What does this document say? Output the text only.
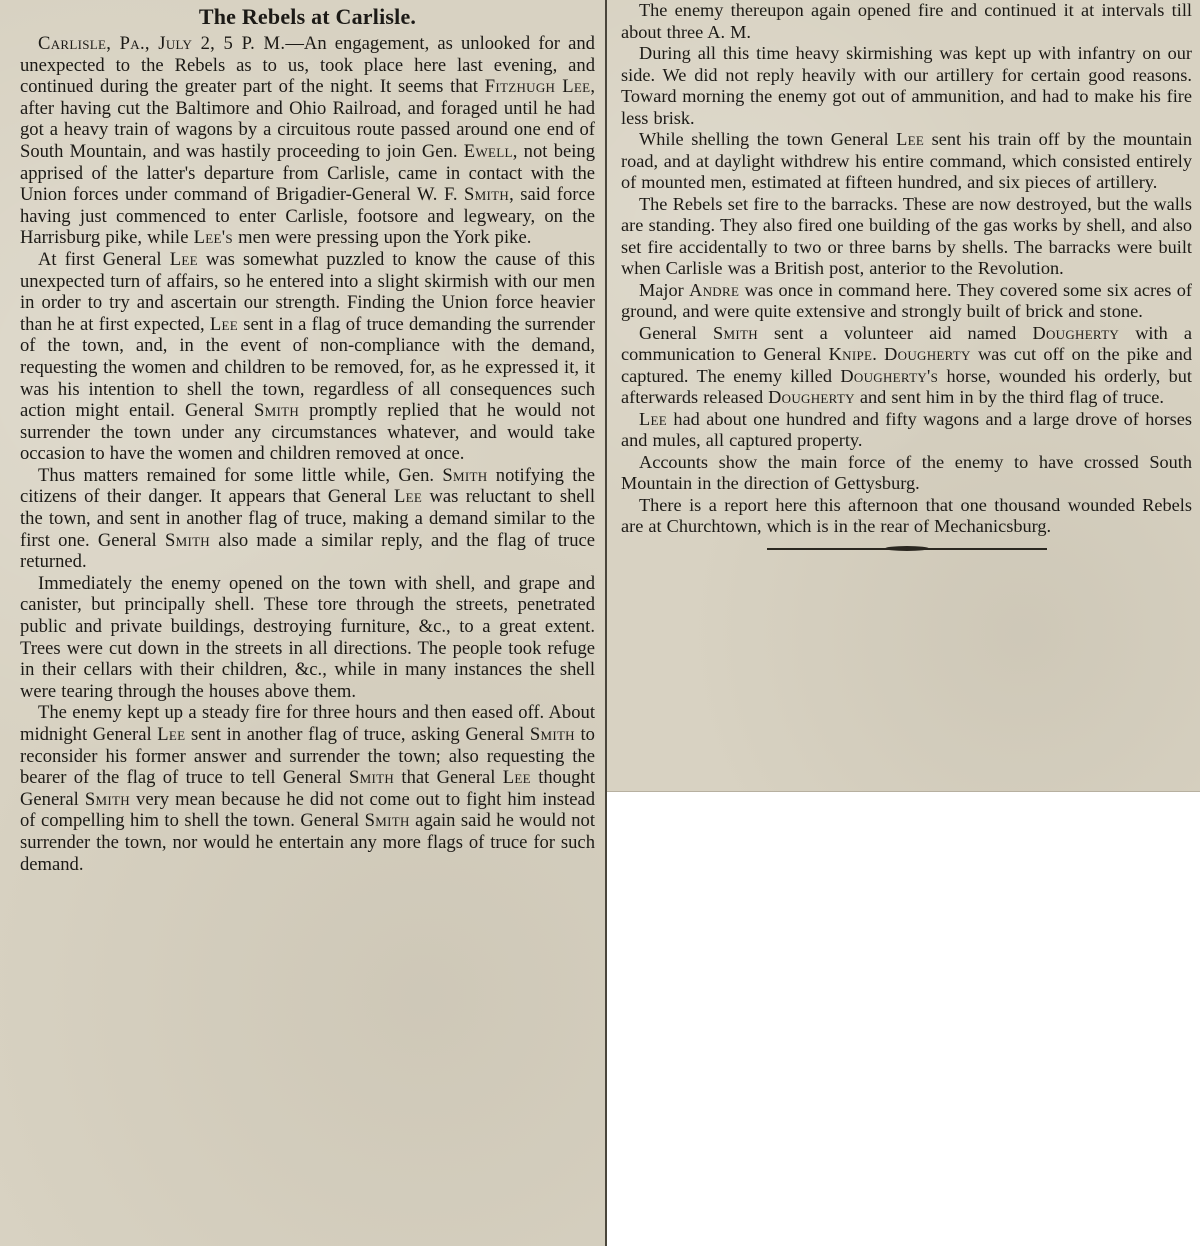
The Rebels at Carlisle.

Carlisle, Pa., July 2, 5 P. M.—An engagement, as unlooked for and unexpected to the Rebels as to us, took place here last evening, and continued during the greater part of the night. It seems that Fitzhugh Lee, after having cut the Baltimore and Ohio Railroad, and foraged until he had got a heavy train of wagons by a circuitous route passed around one end of South Mountain, and was hastily proceeding to join Gen. Ewell, not being apprised of the latter's departure from Carlisle, came in contact with the Union forces under command of Brigadier-General W. F. Smith, said force having just commenced to enter Carlisle, footsore and legweary, on the Harrisburg pike, while Lee's men were pressing upon the York pike.

At first General Lee was somewhat puzzled to know the cause of this unexpected turn of affairs, so he entered into a slight skirmish with our men in order to try and ascertain our strength. Finding the Union force heavier than he at first expected, Lee sent in a flag of truce demanding the surrender of the town, and, in the event of non-compliance with the demand, requesting the women and children to be removed, for, as he expressed it, it was his intention to shell the town, regardless of all consequences such action might entail. General Smith promptly replied that he would not surrender the town under any circumstances whatever, and would take occasion to have the women and children removed at once.

Thus matters remained for some little while, Gen. Smith notifying the citizens of their danger. It appears that General Lee was reluctant to shell the town, and sent in another flag of truce, making a demand similar to the first one. General Smith also made a similar reply, and the flag of truce returned.

Immediately the enemy opened on the town with shell, and grape and canister, but principally shell. These tore through the streets, penetrated public and private buildings, destroying furniture, &c., to a great extent. Trees were cut down in the streets in all directions. The people took refuge in their cellars with their children, &c., while in many instances the shell were tearing through the houses above them.

The enemy kept up a steady fire for three hours and then eased off. About midnight General Lee sent in another flag of truce, asking General Smith to reconsider his former answer and surrender the town; also requesting the bearer of the flag of truce to tell General Smith that General Lee thought General Smith very mean because he did not come out to fight him instead of compelling him to shell the town. General Smith again said he would not surrender the town, nor would he entertain any more flags of truce for such demand.

The enemy thereupon again opened fire and continued it at intervals till about three A. M.

During all this time heavy skirmishing was kept up with infantry on our side. We did not reply heavily with our artillery for certain good reasons. Toward morning the enemy got out of ammunition, and had to make his fire less brisk.

While shelling the town General Lee sent his train off by the mountain road, and at daylight withdrew his entire command, which consisted entirely of mounted men, estimated at fifteen hundred, and six pieces of artillery.

The Rebels set fire to the barracks. These are now destroyed, but the walls are standing. They also fired one building of the gas works by shell, and also set fire accidentally to two or three barns by shells. The barracks were built when Carlisle was a British post, anterior to the Revolution.

Major Andre was once in command here. They covered some six acres of ground, and were quite extensive and strongly built of brick and stone.

General Smith sent a volunteer aid named Dougherty with a communication to General Knipe. Dougherty was cut off on the pike and captured. The enemy killed Dougherty's horse, wounded his orderly, but afterwards released Dougherty and sent him in by the third flag of truce.

Lee had about one hundred and fifty wagons and a large drove of horses and mules, all captured property.

Accounts show the main force of the enemy to have crossed South Mountain in the direction of Gettysburg.

There is a report here this afternoon that one thousand wounded Rebels are at Churchtown, which is in the rear of Mechanicsburg.
